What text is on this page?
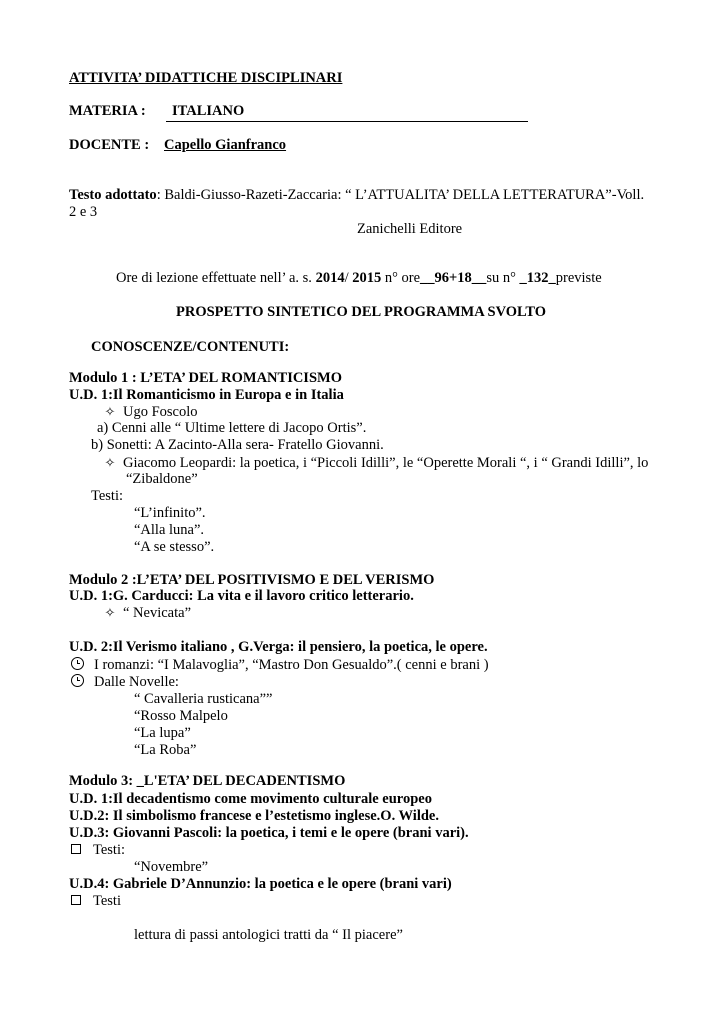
ATTIVITA’ DIDATTICHE DISCIPLINARI
MATERIA : ITALIANO
DOCENTE : Capello Gianfranco
Testo adottato: Baldi-Giusso-Razeti-Zaccaria: “ L’ATTUALITA’ DELLA LETTERATURA”-Voll.
2 e 3
Zanichelli Editore
Ore di lezione effettuate nell’ a. s. 2014/ 2015 n° ore__96+18__su n° _132_previste
PROSPETTO SINTETICO DEL PROGRAMMA SVOLTO
CONOSCENZE/CONTENUTI:
Modulo 1 : L’ETA’ DEL ROMANTICISMO
U.D. 1:Il Romanticismo in Europa e in Italia
✧ Ugo Foscolo
a) Cenni alle “ Ultime lettere di Jacopo Ortis”.
b) Sonetti: A Zacinto-Alla sera- Fratello Giovanni.
✧ Giacomo Leopardi: la poetica, i “Piccoli Idilli”, le “Operette Morali “, i “ Grandi Idilli”, lo
“Zibaldone”
Testi:
“L’infinito”.
“Alla luna”.
“A se stesso”.
Modulo 2 :L’ETA’ DEL POSITIVISMO E DEL VERISMO
U.D. 1:G. Carducci: La vita e il lavoro critico letterario.
✧ “ Nevicata”
U.D. 2:Il Verismo italiano , G.Verga: il pensiero, la poetica, le opere.
I romanzi: “I Malavoglia”, “Mastro Don Gesualdo”.( cenni e brani )
Dalle Novelle:
“ Cavalleria rusticana””
“Rosso Malpelo
“La lupa”
“La Roba”
Modulo 3: _L'ETA’ DEL DECADENTISMO
U.D. 1:Il decadentismo come movimento culturale europeo
U.D.2: Il simbolismo francese e l’estetismo inglese.O. Wilde.
U.D.3: Giovanni Pascoli: la poetica, i temi e le opere (brani vari).
Testi:
“Novembre”
U.D.4: Gabriele D’Annunzio: la poetica e le opere (brani vari)
Testi
lettura di passi antologici tratti da “ Il piacere”
